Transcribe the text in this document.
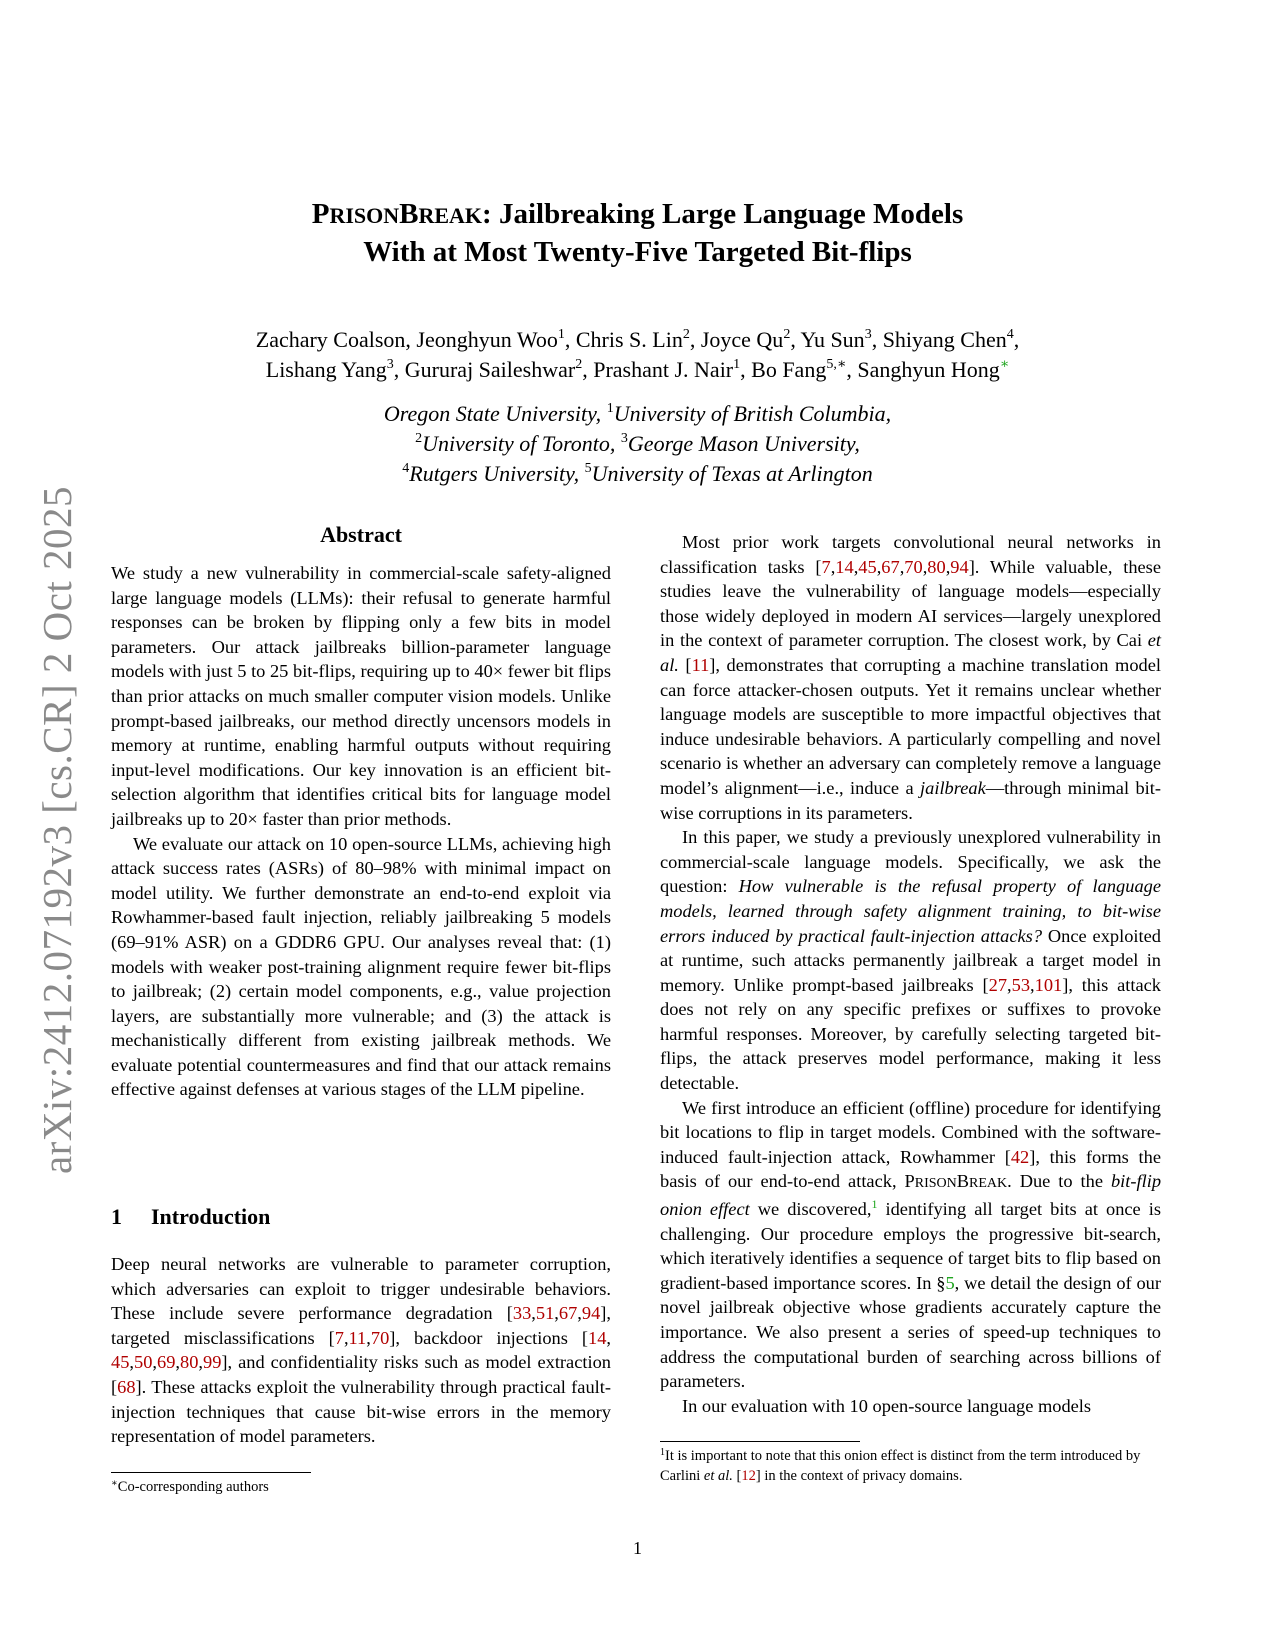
arXiv:2412.07192v3 [cs.CR] 2 Oct 2025
PRISONBREAK: Jailbreaking Large Language Models
With at Most Twenty-Five Targeted Bit-flips
Zachary Coalson, Jeonghyun Woo$^1$, Chris S. Lin$^2$, Joyce Qu$^2$, Yu Sun$^3$, Shiyang Chen$^4$,
Lishang Yang$^3$, Gururaj Saileshwar$^2$, Prashant J. Nair$^1$, Bo Fang$^{5,∗}$, Sanghyun Hong∗
Oregon State University, $^1$University of British Columbia,
$^2$University of Toronto, $^3$George Mason University,
$^4$Rutgers University, $^5$University of Texas at Arlington
Abstract

We study a new vulnerability in commercial-scale safety-aligned large language models (LLMs): their refusal to generate harmful responses can be broken by flipping only a few bits in model parameters. Our attack jailbreaks billion-parameter language models with just 5 to 25 bit-flips, requiring up to 40× fewer bit flips than prior attacks on much smaller computer vision models. Unlike prompt-based jailbreaks, our method directly uncensors models in memory at runtime, enabling harmful outputs without requiring input-level modifications. Our key innovation is an efficient bit-selection algorithm that identifies critical bits for language model jailbreaks up to 20× faster than prior methods.

We evaluate our attack on 10 open-source LLMs, achieving high attack success rates (ASRs) of 80–98% with minimal impact on model utility. We further demonstrate an end-to-end exploit via Rowhammer-based fault injection, reliably jailbreaking 5 models (69–91% ASR) on a GDDR6 GPU. Our analyses reveal that: (1) models with weaker post-training alignment require fewer bit-flips to jailbreak; (2) certain model components, e.g., value projection layers, are substantially more vulnerable; and (3) the attack is mechanistically different from existing jailbreak methods. We evaluate potential countermeasures and find that our attack remains effective against defenses at various stages of the LLM pipeline.

1 Introduction

Deep neural networks are vulnerable to parameter corruption, which adversaries can exploit to trigger undesirable behaviors. These include severe performance degradation [33,51,67,94], targeted misclassifications [7,11,70], backdoor injections [14, 45,50,69,80,99], and confidentiality risks such as model extraction [68]. These attacks exploit the vulnerability through practical fault-injection techniques that cause bit-wise errors in the memory representation of model parameters.

∗Co-corresponding authors

Most prior work targets convolutional neural networks in classification tasks [7,14,45,67,70,80,94]. While valuable, these studies leave the vulnerability of language models—especially those widely deployed in modern AI services—largely unexplored in the context of parameter corruption. The closest work, by Cai et al. [11], demonstrates that corrupting a machine translation model can force attacker-chosen outputs. Yet it remains unclear whether language models are susceptible to more impactful objectives that induce undesirable behaviors. A particularly compelling and novel scenario is whether an adversary can completely remove a language model’s alignment—i.e., induce a jailbreak—through minimal bit-wise corruptions in its parameters.

In this paper, we study a previously unexplored vulnerability in commercial-scale language models. Specifically, we ask the question: How vulnerable is the refusal property of language models, learned through safety alignment training, to bit-wise errors induced by practical fault-injection attacks? Once exploited at runtime, such attacks permanently jailbreak a target model in memory. Unlike prompt-based jailbreaks [27,53,101], this attack does not rely on any specific prefixes or suffixes to provoke harmful responses. Moreover, by carefully selecting targeted bit-flips, the attack preserves model performance, making it less detectable.

We first introduce an efficient (offline) procedure for identifying bit locations to flip in target models. Combined with the software-induced fault-injection attack, Rowhammer [42], this forms the basis of our end-to-end attack, PRISONBREAK. Due to the bit-flip onion effect we discovered,$^1$ identifying all target bits at once is challenging. Our procedure employs the progressive bit-search, which iteratively identifies a sequence of target bits to flip based on gradient-based importance scores. In §5, we detail the design of our novel jailbreak objective whose gradients accurately capture the importance. We also present a series of speed-up techniques to address the computational burden of searching across billions of parameters.

In our evaluation with 10 open-source language models

$^1$It is important to note that this onion effect is distinct from the term introduced by Carlini et al. [12] in the context of privacy domains.
1
